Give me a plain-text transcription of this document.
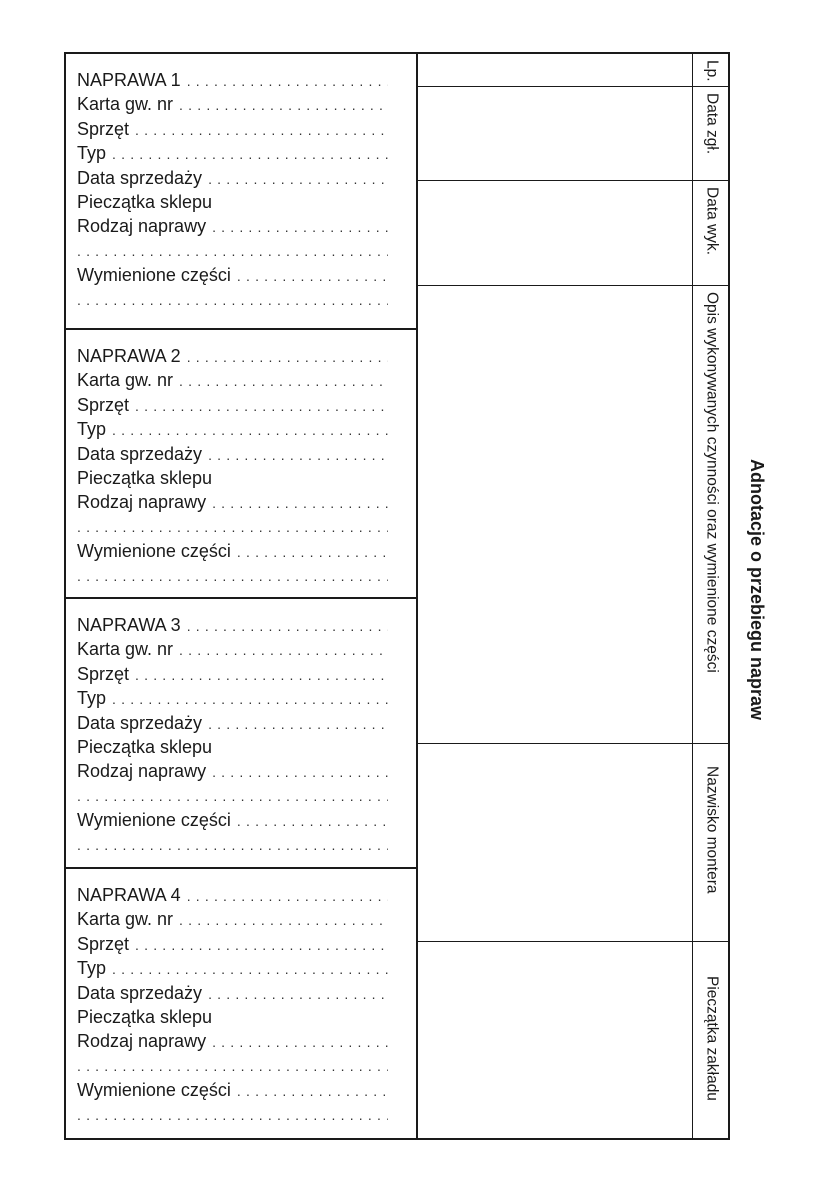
NAPRAWA 1
.....
Karta gw. nr
.....
Sprzęt
.....
Typ
.....
Data sprzedaży
.....
Pieczątka sklepu
Rodzaj naprawy
.....
.....
Wymienione części
.....
.....
NAPRAWA 2
.....
Karta gw. nr
.....
Sprzęt
.....
Typ
.....
Data sprzedaży
.....
Pieczątka sklepu
Rodzaj naprawy
.....
.....
Wymienione części
.....
.....
NAPRAWA 3
.....
Karta gw. nr
.....
Sprzęt
.....
Typ
.....
Data sprzedaży
.....
Pieczątka sklepu
Rodzaj naprawy
.....
.....
Wymienione części
.....
.....
NAPRAWA 4
.....
Karta gw. nr
.....
Sprzęt
.....
Typ
.....
Data sprzedaży
.....
Pieczątka sklepu
Rodzaj naprawy
.....
.....
Wymienione części
.....
.....
Lp.
Data zgł.
Data wyk.
Opis wykonywanych czynności oraz wymienione części
Nazwisko montera
Pieczątka zakładu
Adnotacje o przebiegu napraw
